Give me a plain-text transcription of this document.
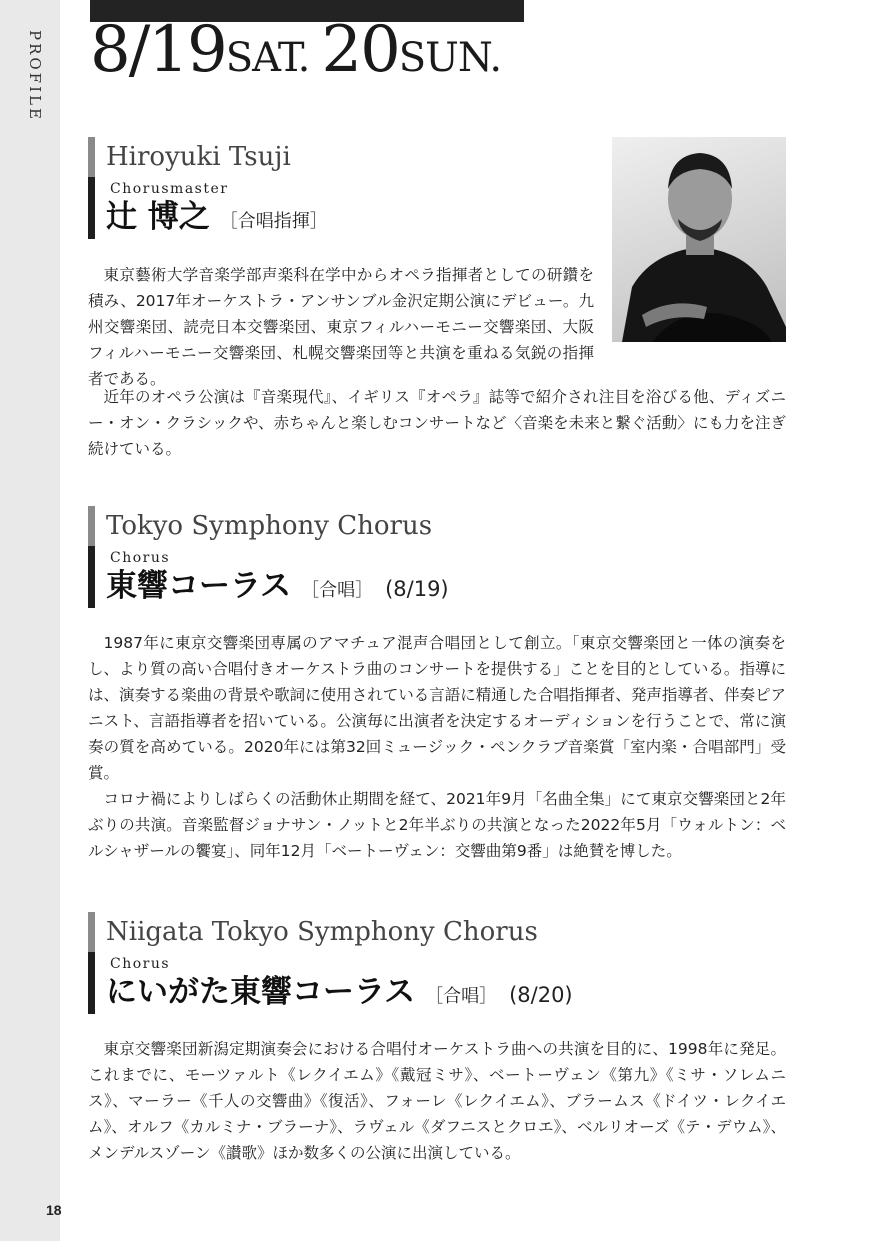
PROFILE
18
8/19SAT. 20SUN.
Hiroyuki Tsuji
Chorusmaster
辻 博之 ［合唱指揮］

東京藝術大学音楽学部声楽科在学中からオペラ指揮者としての研鑽を積み、2017年オーケストラ・アンサンブル金沢定期公演にデビュー。九州交響楽団、読売日本交響楽団、東京フィルハーモニー交響楽団、大阪フィルハーモニー交響楽団、札幌交響楽団等と共演を重ねる気鋭の指揮者である。

近年のオペラ公演は『音楽現代』、イギリス『オペラ』誌等で紹介され注目を浴びる他、ディズニー・オン・クラシックや、赤ちゃんと楽しむコンサートなど〈音楽を未来と繋ぐ活動〉にも力を注ぎ続けている。

Tokyo Symphony Chorus
Chorus
東響コーラス ［合唱］ (8/19)

1987年に東京交響楽団専属のアマチュア混声合唱団として創立。「東京交響楽団と一体の演奏をし、より質の高い合唱付きオーケストラ曲のコンサートを提供する」ことを目的としている。指導には、演奏する楽曲の背景や歌詞に使用されている言語に精通した合唱指揮者、発声指導者、伴奏ピアニスト、言語指導者を招いている。公演毎に出演者を決定するオーディションを行うことで、常に演奏の質を高めている。2020年には第32回ミュージック・ペンクラブ音楽賞「室内楽・合唱部門」受賞。

コロナ禍によりしばらくの活動休止期間を経て、2021年9月「名曲全集」にて東京交響楽団と2年ぶりの共演。音楽監督ジョナサン・ノットと2年半ぶりの共演となった2022年5月「ウォルトン：ベルシャザールの饗宴」、同年12月「ベートーヴェン：交響曲第9番」は絶賛を博した。

Niigata Tokyo Symphony Chorus
Chorus
にいがた東響コーラス ［合唱］ (8/20)

東京交響楽団新潟定期演奏会における合唱付オーケストラ曲への共演を目的に、1998年に発足。これまでに、モーツァルト《レクイエム》《戴冠ミサ》、ベートーヴェン《第九》《ミサ・ソレムニス》、マーラー《千人の交響曲》《復活》、フォーレ《レクイエム》、ブラームス《ドイツ・レクイエム》、オルフ《カルミナ・ブラーナ》、ラヴェル《ダフニスとクロエ》、ベルリオーズ《テ・デウム》、メンデルスゾーン《讃歌》ほか数多くの公演に出演している。
